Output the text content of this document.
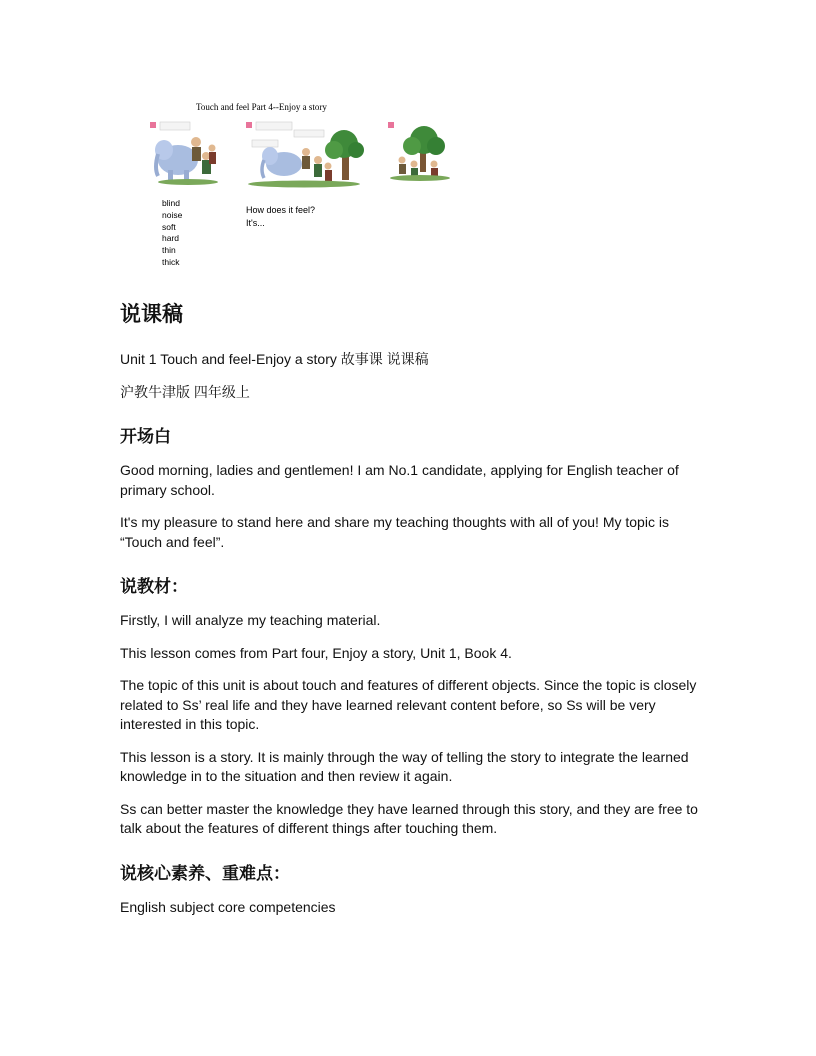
Touch and feel Part 4--Enjoy a story
blind
noise
soft
hard
thin
thick
How does it feel?
It's...
说课稿
Unit 1 Touch and feel-Enjoy a story 故事课 说课稿
沪教牛津版 四年级上
开场白
Good morning, ladies and gentlemen! I am No.1 candidate, applying for English teacher of primary school.
It's my pleasure to stand here and share my teaching thoughts with all of you! My topic is “Touch and feel”.
说教材：
Firstly, I will analyze my teaching material.
This lesson comes from Part four, Enjoy a story, Unit 1, Book 4.
The topic of this unit is about touch and features of different objects. Since the topic is closely related to Ss’ real life and they have learned relevant content before, so Ss will be very interested in this topic.
This lesson is a story. It is mainly through the way of telling the story to integrate the learned knowledge in to the situation and then review it again.
Ss can better master the knowledge they have learned through this story, and they are free to talk about the features of different things after touching them.
说核心素养、重难点：
English subject core competencies
